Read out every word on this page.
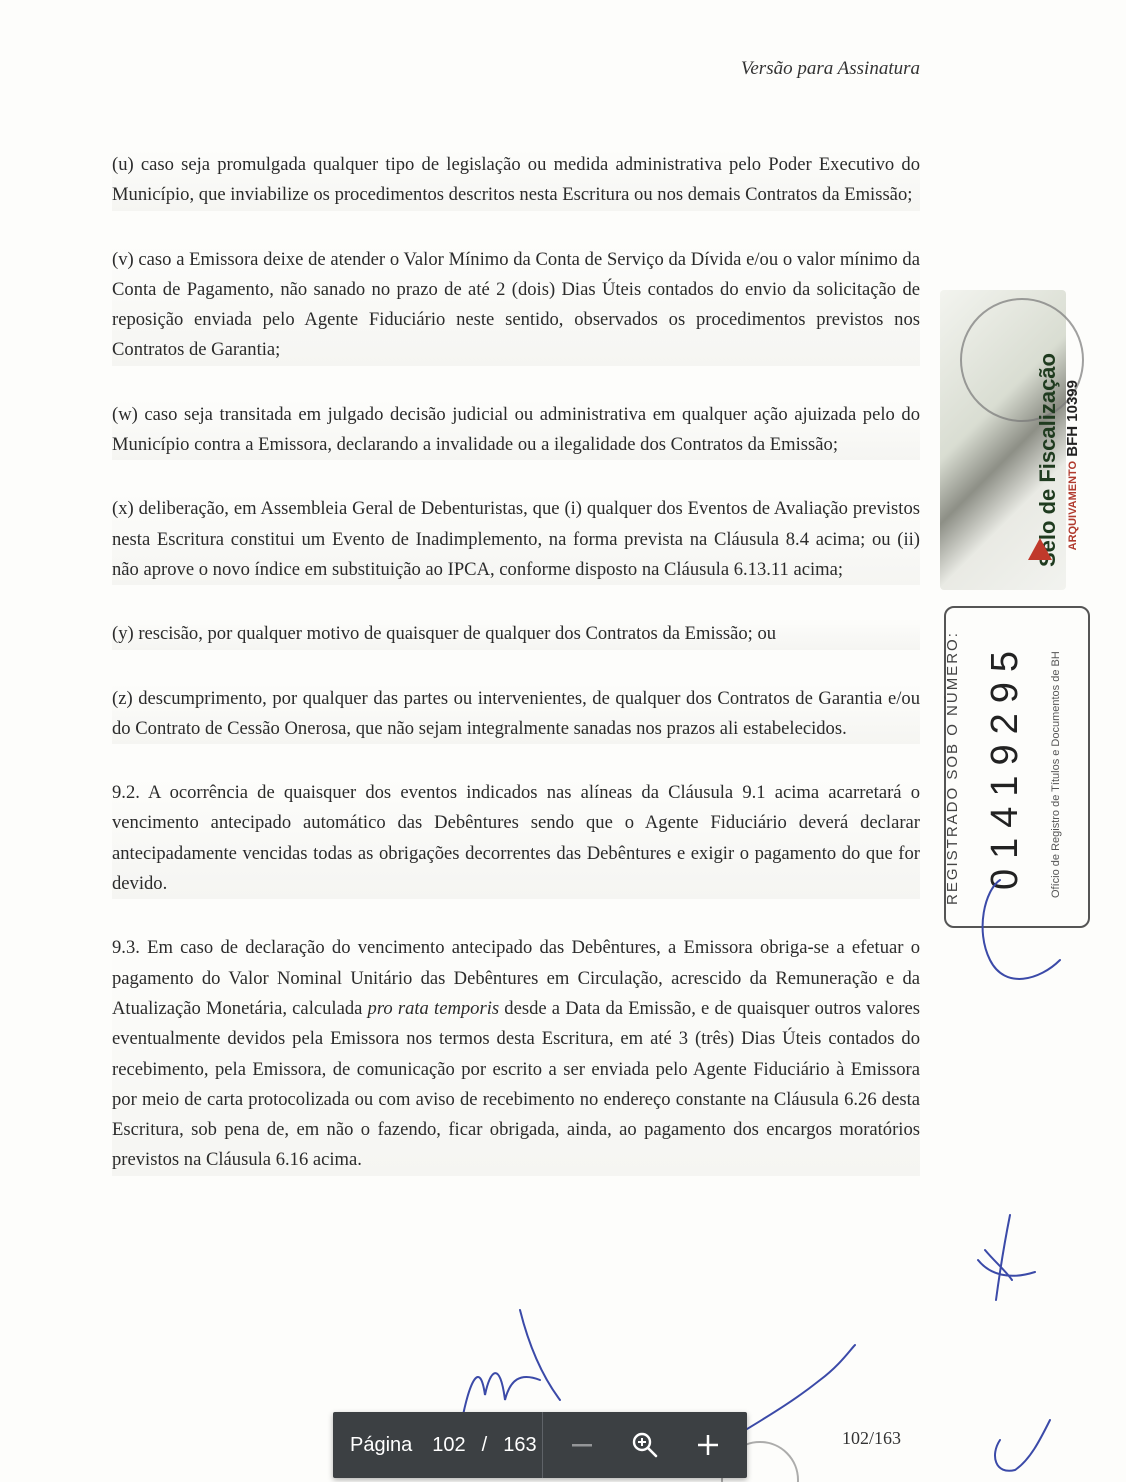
Versão para Assinatura

(u) caso seja promulgada qualquer tipo de legislação ou medida administrativa pelo Poder Executivo do Município, que inviabilize os procedimentos descritos nesta Escritura ou nos demais Contratos da Emissão;

(v) caso a Emissora deixe de atender o Valor Mínimo da Conta de Serviço da Dívida e/ou o valor mínimo da Conta de Pagamento, não sanado no prazo de até 2 (dois) Dias Úteis contados do envio da solicitação de reposição enviada pelo Agente Fiduciário neste sentido, observados os procedimentos previstos nos Contratos de Garantia;

(w) caso seja transitada em julgado decisão judicial ou administrativa em qualquer ação ajuizada pelo do Município contra a Emissora, declarando a invalidade ou a ilegalidade dos Contratos da Emissão;

(x) deliberação, em Assembleia Geral de Debenturistas, que (i) qualquer dos Eventos de Avaliação previstos nesta Escritura constitui um Evento de Inadimplemento, na forma prevista na Cláusula 8.4 acima; ou (ii) não aprove o novo índice em substituição ao IPCA, conforme disposto na Cláusula 6.13.11 acima;

(y) rescisão, por qualquer motivo de quaisquer de qualquer dos Contratos da Emissão; ou

(z) descumprimento, por qualquer das partes ou intervenientes, de qualquer dos Contratos de Garantia e/ou do Contrato de Cessão Onerosa, que não sejam integralmente sanadas nos prazos ali estabelecidos.

9.2. A ocorrência de quaisquer dos eventos indicados nas alíneas da Cláusula 9.1 acima acarretará o vencimento antecipado automático das Debêntures sendo que o Agente Fiduciário deverá declarar antecipadamente vencidas todas as obrigações decorrentes das Debêntures e exigir o pagamento do que for devido.

9.3. Em caso de declaração do vencimento antecipado das Debêntures, a Emissora obriga-se a efetuar o pagamento do Valor Nominal Unitário das Debêntures em Circulação, acrescido da Remuneração e da Atualização Monetária, calculada pro rata temporis desde a Data da Emissão, e de quaisquer outros valores eventualmente devidos pela Emissora nos termos desta Escritura, em até 3 (três) Dias Úteis contados do recebimento, pela Emissora, de comunicação por escrito a ser enviada pelo Agente Fiduciário à Emissora por meio de carta protocolizada ou com aviso de recebimento no endereço constante na Cláusula 6.26 desta Escritura, sob pena de, em não o fazendo, ficar obrigada, ainda, ao pagamento dos encargos moratórios previstos na Cláusula 6.16 acima.

102/163
Selo de Fiscalização ARQUIVAMENTO BFH 10399
REGISTRADO SOB O NÚMERO: 01419295	Ofício de Registro de Títulos e Documentos de BH
Página 102 / 163
